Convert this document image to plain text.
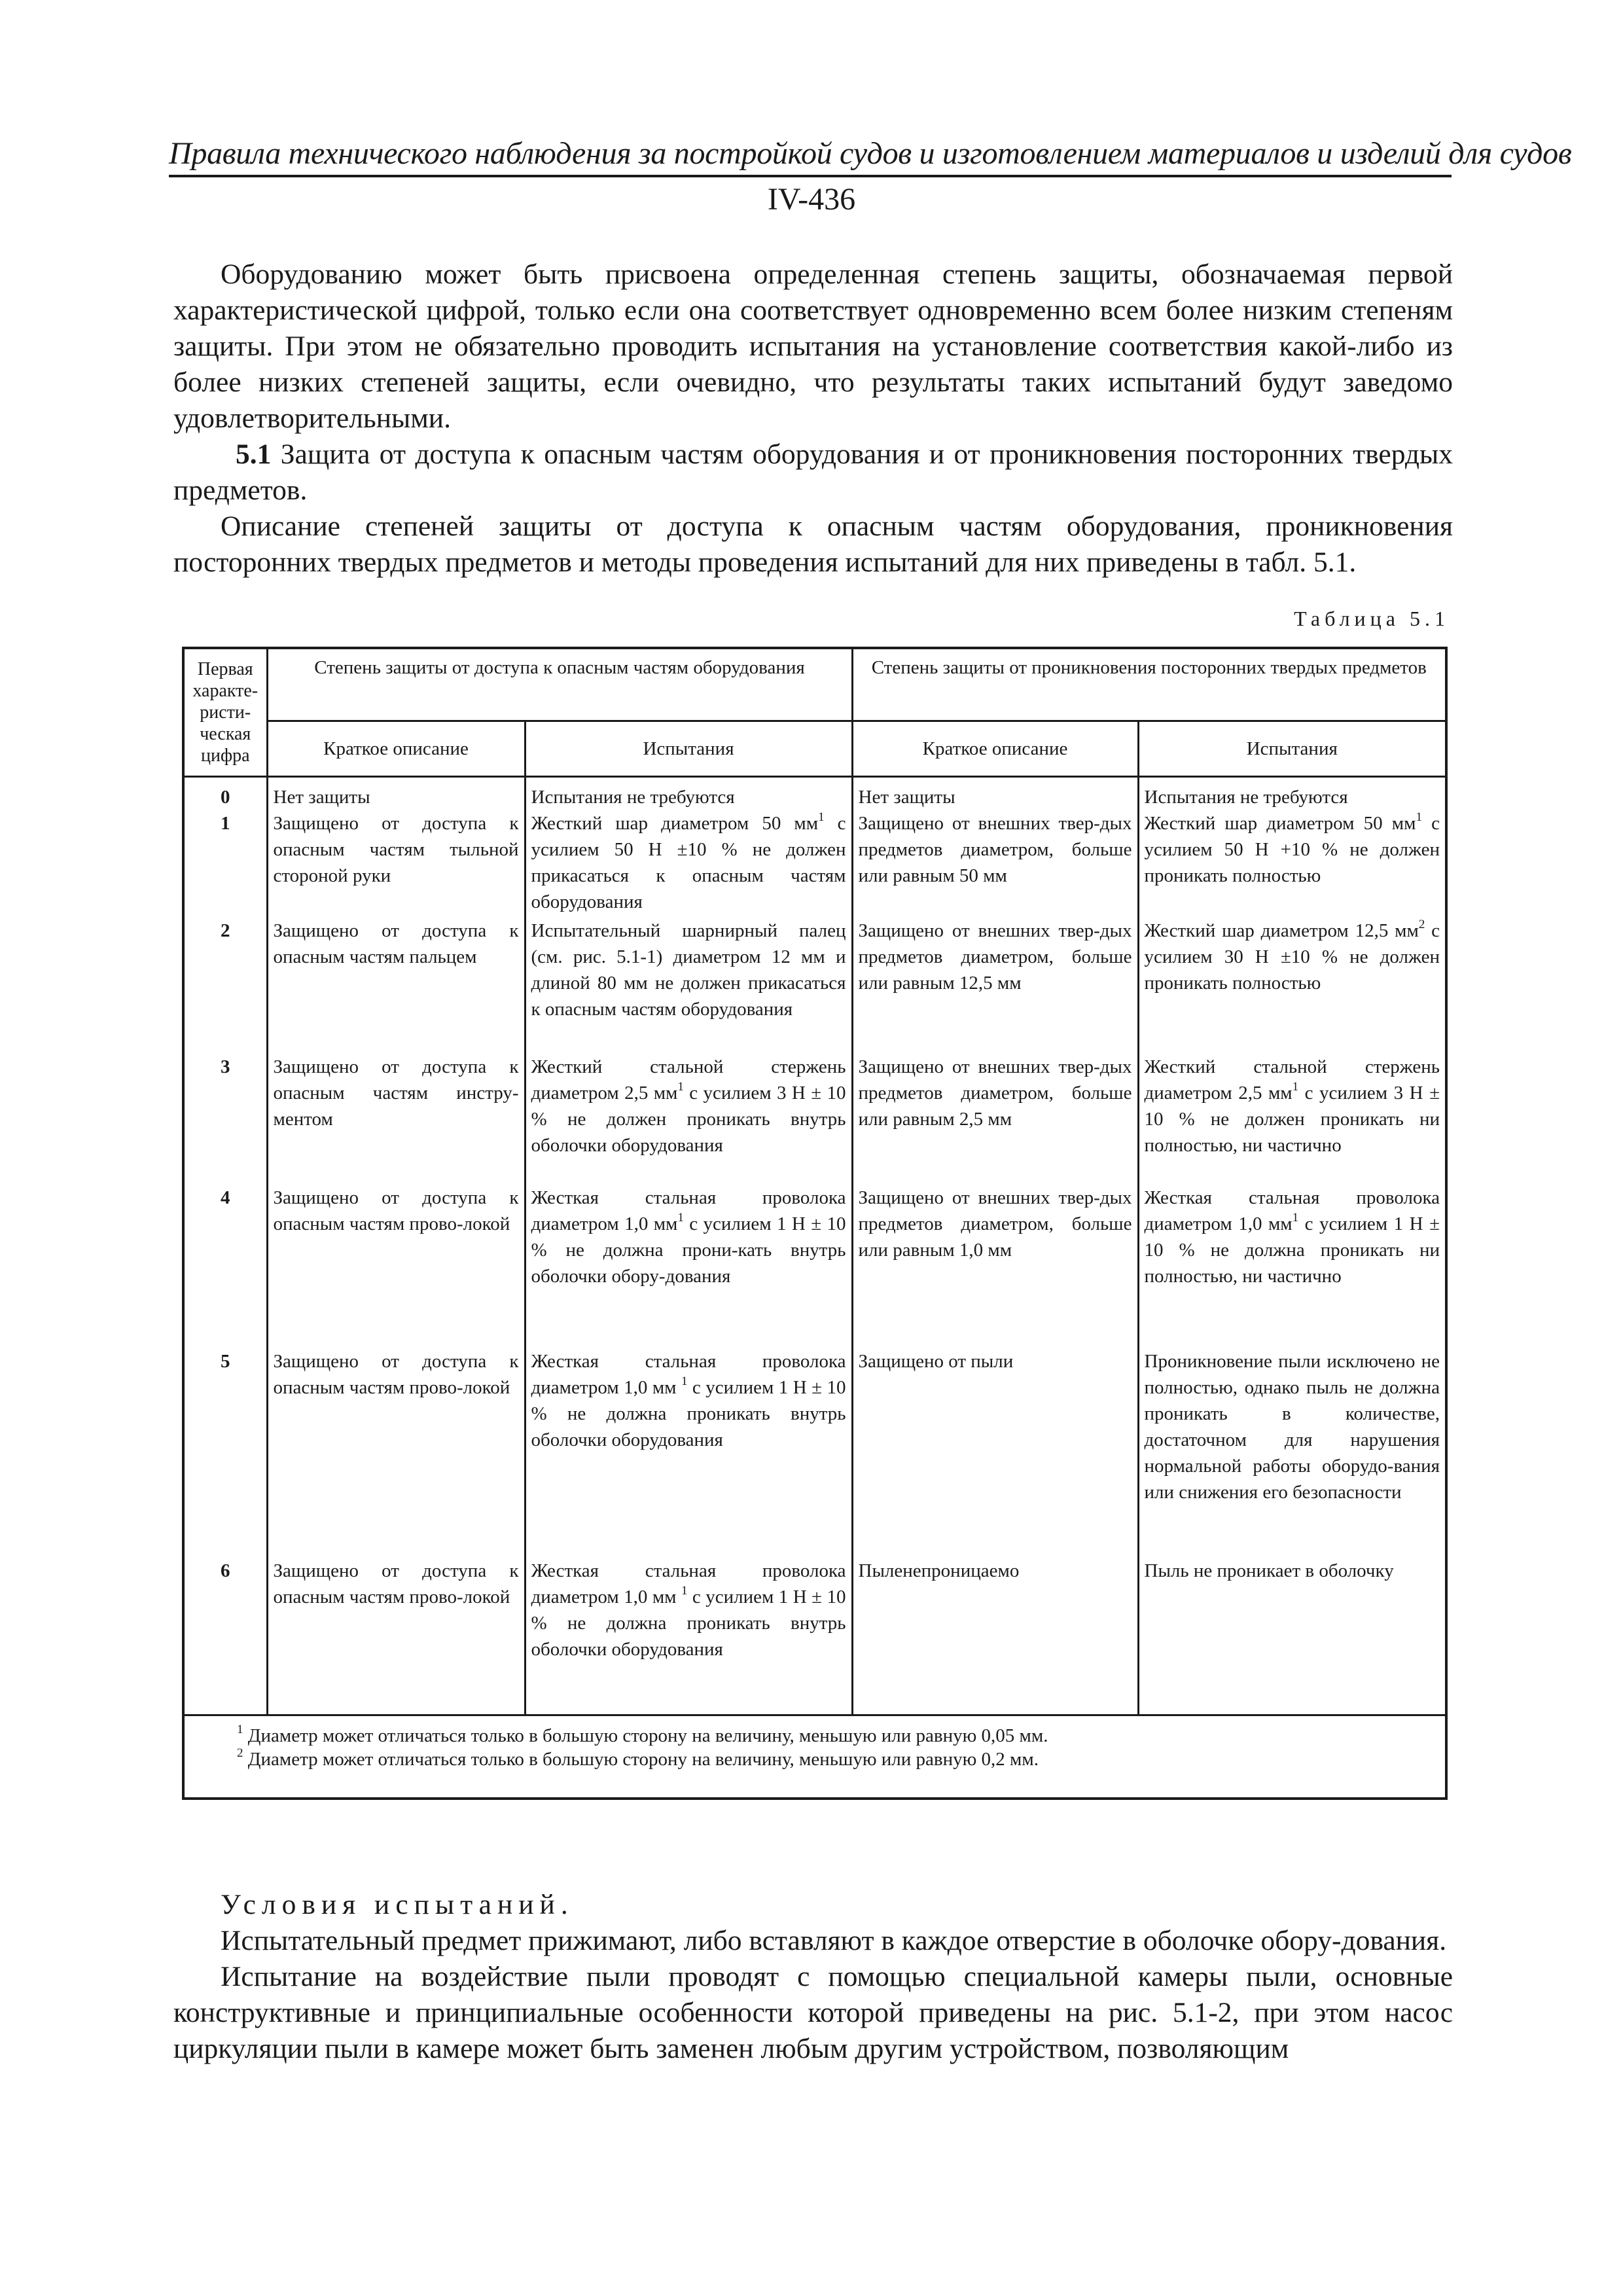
Правила технического наблюдения за постройкой судов и изготовлением материалов и изделий для судов
IV-436

Оборудованию может быть присвоена определенная степень защиты, обозначаемая первой характеристической цифрой, только если она соответствует одновременно всем более низким степеням защиты. При этом не обязательно проводить испытания на установление соответствия какой-либо из более низких степеней защиты, если очевидно, что результаты таких испытаний будут заведомо удовлетворительными.

5.1 Защита от доступа к опасным частям оборудования и от проникновения посторонних твердых предметов.

Описание степеней защиты от доступа к опасным частям оборудования, проникновения посторонних твердых предметов и методы проведения испытаний для них приведены в табл. 5.1.

Таблица 5.1
Первая характе-ристи-ческая цифра	Степень защиты от доступа к опасным частям оборудования		Степень защиты от проникновения посторонних твердых предметов	
	Краткое описание	Испытания	Краткое описание	Испытания
0	Нет защиты	Испытания не требуются	Нет защиты	Испытания не требуются
1	Защищено от доступа к опасным частям тыльной стороной руки	Жесткий шар диаметром 50 $мм^1$ с усилием 50 Н ±10 % не должен прикасаться к опасным частям оборудования	Защищено от внешних твер-дых предметов диаметром, больше или равным 50 мм	Жесткий шар диаметром 50 $мм^1$ с усилием 50 Н +10 % не должен проникать полностью
2	Защищено от доступа к опасным частям пальцем	Испытательный шарнирный палец (см. рис. 5.1-1) диаметром 12 мм и длиной 80 мм не должен прикасаться к опасным частям оборудования	Защищено от внешних твер-дых предметов диаметром, больше или равным 12,5 мм	Жесткий шар диаметром 12,5 $мм^2$ с усилием 30 Н ±10 % не должен проникать полностью
3	Защищено от доступа к опасным частям инстру-ментом	Жесткий стальной стержень диаметром 2,5 $мм^1$ с усилием 3 Н ± 10 % не должен проникать внутрь оболочки оборудования	Защищено от внешних твер-дых предметов диаметром, больше или равным 2,5 мм	Жесткий стальной стержень диаметром 2,5 $мм^1$ с усилием 3 Н ± 10 % не должен проникать ни полностью, ни частично
4	Защищено от доступа к опасным частям прово-локой	Жесткая стальная проволока диаметром 1,0 $мм^1$ с усилием 1 Н ± 10 % не должна прони-кать внутрь оболочки обору-дования	Защищено от внешних твер-дых предметов диаметром, больше или равным 1,0 мм	Жесткая стальная проволока диаметром 1,0 $мм^1$ с усилием 1 Н ± 10 % не должна проникать ни полностью, ни частично
5	Защищено от доступа к опасным частям прово-локой	Жесткая стальная проволока диаметром 1,0 мм $^1$ с усилием 1 Н ± 10 % не должна проникать внутрь оболочки оборудования	Защищено от пыли	Проникновение пыли исключено не полностью, однако пыль не должна проникать в количестве, достаточном для нарушения нормальной работы оборудо-вания или снижения его безопасности
6	Защищено от доступа к опасным частям прово-локой	Жесткая стальная проволока диаметром 1,0 мм $^1$ с усилием 1 Н ± 10 % не должна проникать внутрь оболочки оборудования	Пыленепроницаемо	Пыль не проникает в оболочку

$^1$ Диаметр может отличаться только в большую сторону на величину, меньшую или равную 0,05 мм.
$^2$ Диаметр может отличаться только в большую сторону на величину, меньшую или равную 0,2 мм.				

Условия испытаний.

Испытательный предмет прижимают, либо вставляют в каждое отверстие в оболочке обору-дования.

Испытание на воздействие пыли проводят с помощью специальной камеры пыли, основные конструктивные и принципиальные особенности которой приведены на рис. 5.1-2, при этом насос циркуляции пыли в камере может быть заменен любым другим устройством, позволяющим
